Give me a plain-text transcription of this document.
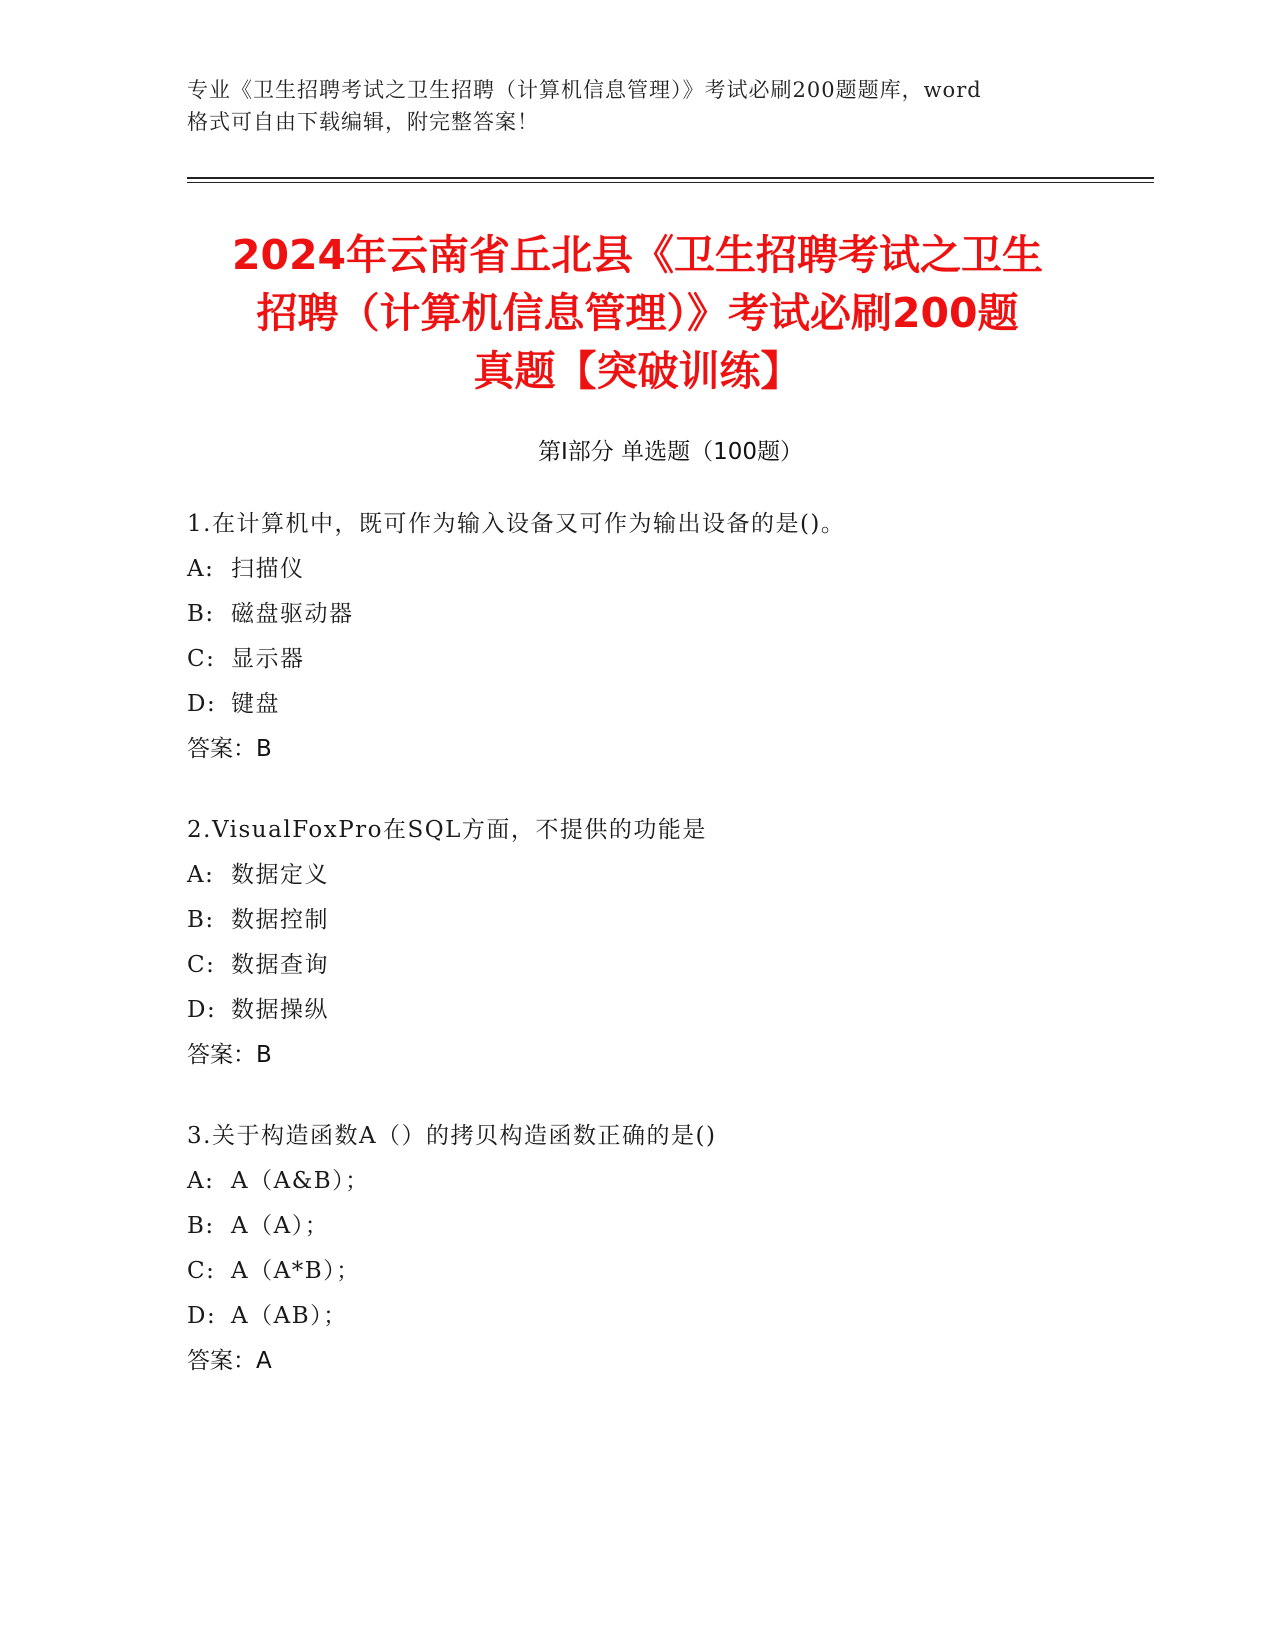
专业《卫生招聘考试之卫生招聘（计算机信息管理）》考试必刷200题题库，word
格式可自由下载编辑，附完整答案！
2024年云南省丘北县《卫生招聘考试之卫生
招聘（计算机信息管理）》考试必刷200题
真题【突破训练】
第Ⅰ部分 单选题（100题）
1.在计算机中，既可作为输入设备又可作为输出设备的是()。
A: 扫描仪
B: 磁盘驱动器
C: 显示器
D: 键盘
答案：B
2.VisualFoxPro在SQL方面，不提供的功能是
A: 数据定义
B: 数据控制
C: 数据查询
D: 数据操纵
答案：B
3.关于构造函数A（）的拷贝构造函数正确的是()
A: A（A&B）；
B: A（A）；
C: A（A*B）；
D: A（AB）；
答案：A
